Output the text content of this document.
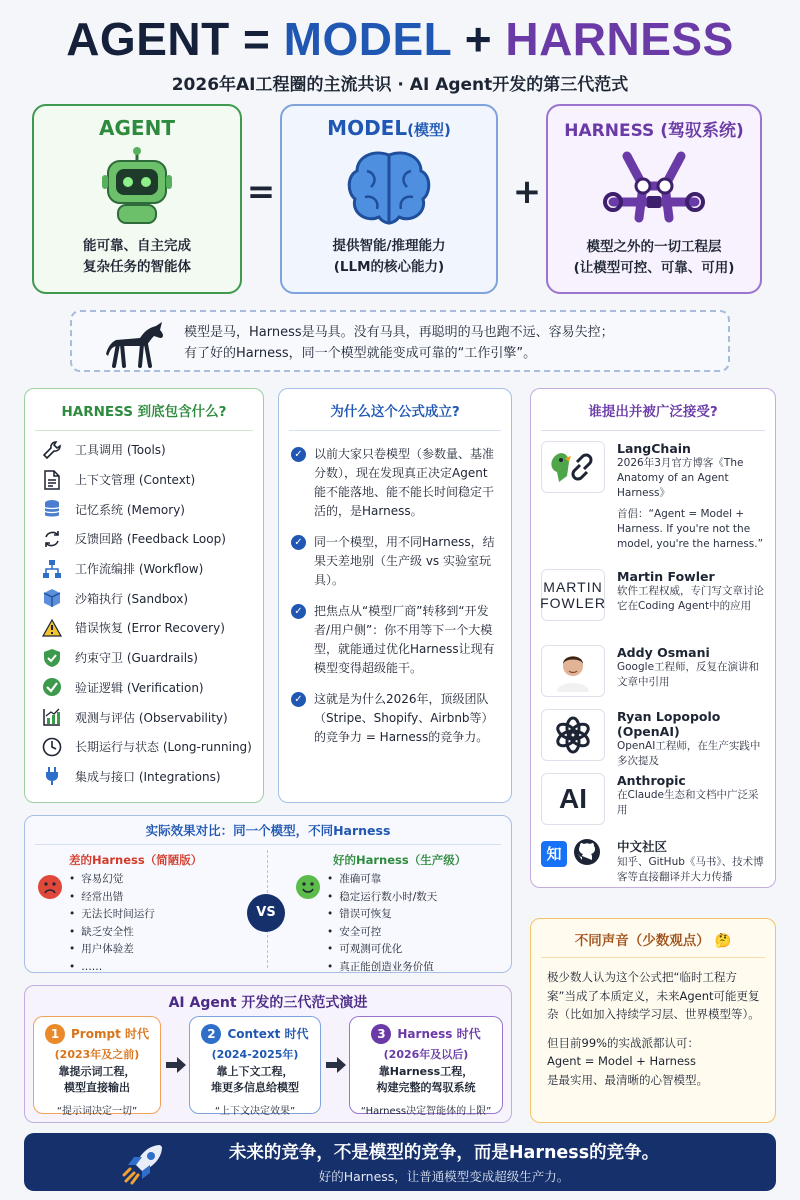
AGENT = MODEL + HARNESS
2026年AI工程圈的主流共识 · AI Agent开发的第三代范式
AGENT
能可靠、自主完成
复杂任务的智能体
=
MODEL(模型)
提供智能/推理能力
(LLM的核心能力)
+
HARNESS (驾驭系统)
模型之外的一切工程层
(让模型可控、可靠、可用)
模型是马，Harness是马具。没有马具，再聪明的马也跑不远、容易失控；
有了好的Harness，同一个模型就能变成可靠的“工作引擎”。
HARNESS 到底包含什么?
工具调用 (Tools)
上下文管理 (Context)
记忆系统 (Memory)
反馈回路 (Feedback Loop)
工作流编排 (Workflow)
沙箱执行 (Sandbox)
错误恢复 (Error Recovery)
约束守卫 (Guardrails)
验证逻辑 (Verification)
观测与评估 (Observability)
长期运行与状态 (Long-running)
集成与接口 (Integrations)
为什么这个公式成立?
✓ 以前大家只卷模型（参数量、基准分数），现在发现真正决定Agent能不能落地、能不能长时间稳定干活的，是Harness。
✓ 同一个模型，用不同Harness，结果天差地别（生产级 vs 实验室玩具）。
✓ 把焦点从“模型厂商”转移到“开发者/用户侧”：你不用等下一个大模型，就能通过优化Harness让现有模型变得超级能干。
✓ 这就是为什么2026年，顶级团队（Stripe、Shopify、Airbnb等）的竞争力 = Harness的竞争力。
谁提出并被广泛接受?
LangChain
2026年3月官方博客《The Anatomy of an Agent Harness》
首倡：“Agent = Model + Harness. If you're not the model, you're the harness.”
MARTIN FOWLER
Martin Fowler
软件工程权威，专门写文章讨论它在Coding Agent中的应用
Addy Osmani
Google工程师，反复在演讲和文章中引用
Ryan Lopopolo (OpenAI)
OpenAI工程师，在生产实践中多次提及
AI
Anthropic
在Claude生态和文档中广泛采用
知	中文社区
知乎、GitHub《马书》、技术博客等直接翻译并大力传播
实际效果对比：同一个模型，不同Harness
差的Harness（简陋版）
• 容易幻觉
• 经常出错
• 无法长时间运行
• 缺乏安全性
• 用户体验差
• ……
VS
好的Harness（生产级）
• 准确可靠
• 稳定运行数小时/数天
• 错误可恢复
• 安全可控
• 可观测可优化
• 真正能创造业务价值
AI Agent 开发的三代范式演进
1 Prompt 时代
(2023年及之前)
靠提示词工程，
模型直接输出
“提示词决定一切”
2 Context 时代
(2024-2025年)
靠上下文工程，
堆更多信息给模型
“上下文决定效果”
3 Harness 时代
(2026年及以后)
靠Harness工程，
构建完整的驾驭系统
“Harness决定智能体的上限”
不同声音（少数观点） 🤔
极少数人认为这个公式把“临时工程方案”当成了本质定义，未来Agent可能更复杂（比如加入持续学习层、世界模型等）。
但目前99%的实战派都认可：
Agent = Model + Harness
是最实用、最清晰的心智模型。
未来的竞争，不是模型的竞争，而是Harness的竞争。
好的Harness，让普通模型变成超级生产力。
